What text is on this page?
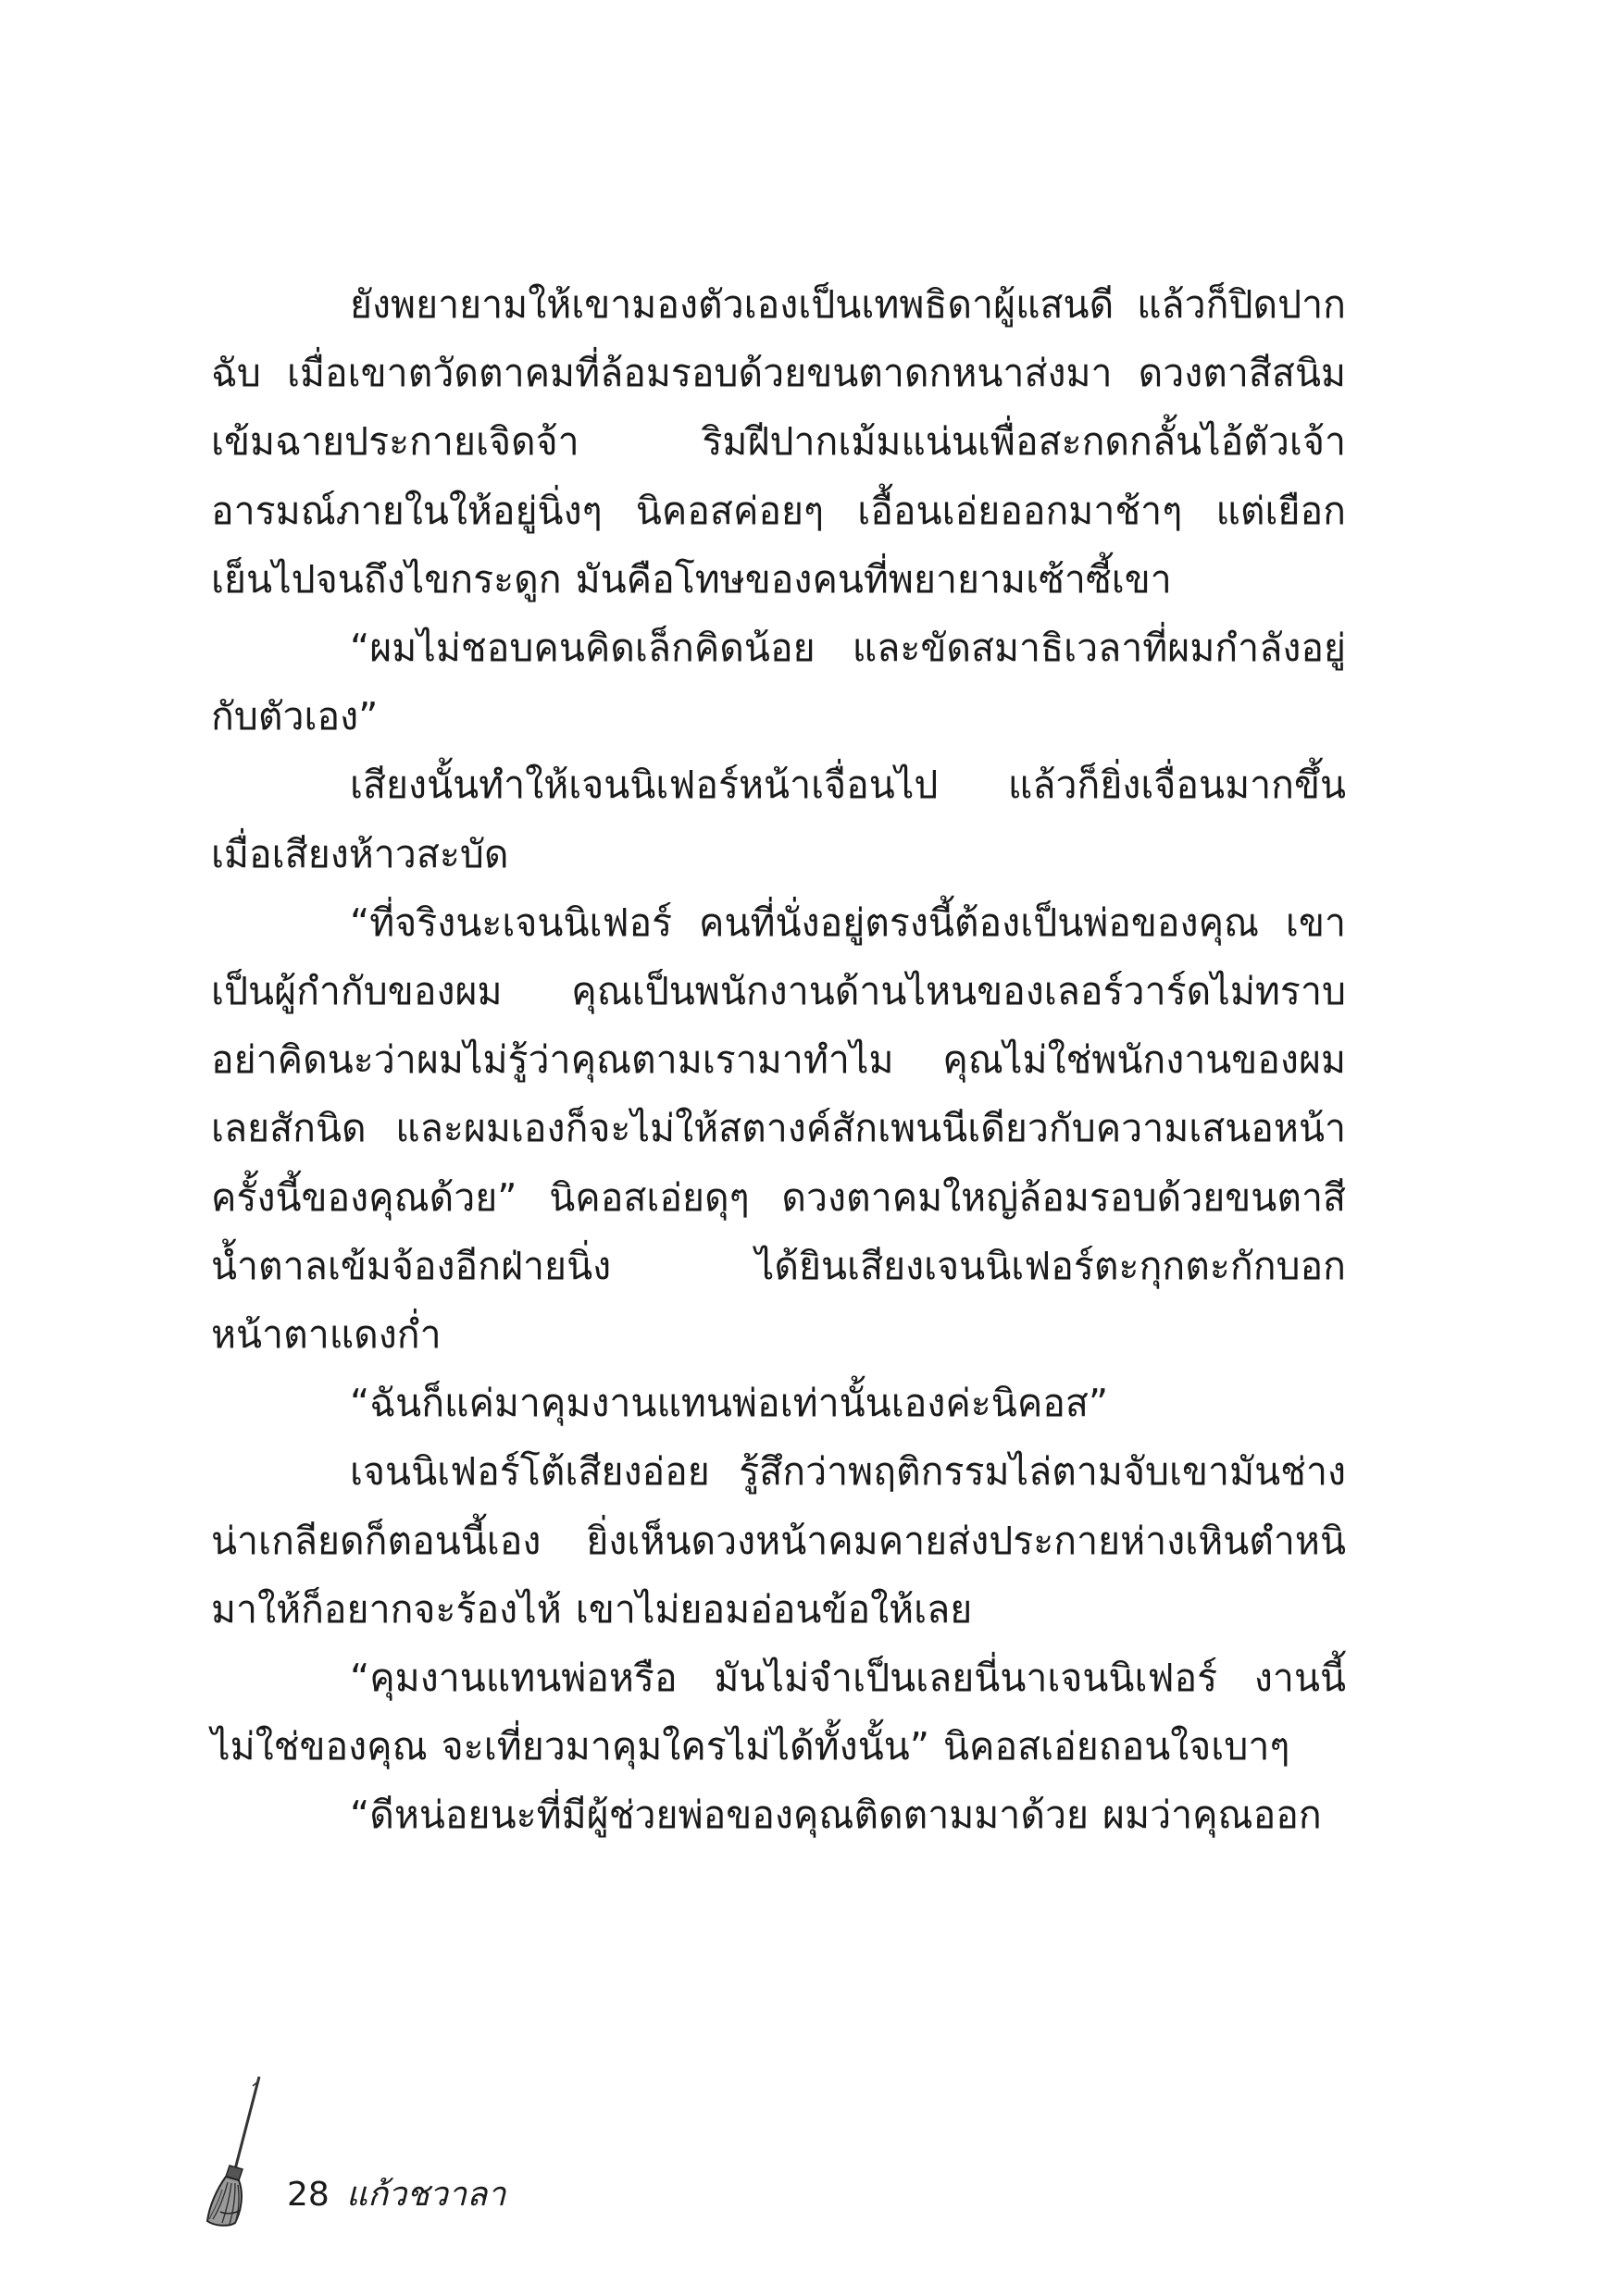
ยังพยายามให้เขามองตัวเองเป็นเทพธิดาผู้แสนดี แล้วก็ปิดปากฉับ เมื่อเขาตวัดตาคมที่ล้อมรอบด้วยขนตาดกหนาส่งมา ดวงตาสีสนิมเข้มฉายประกายเจิดจ้า ริมฝีปากเม้มแน่นเพื่อสะกดกลั้นไอ้ตัวเจ้าอารมณ์ภายในให้อยู่นิ่งๆ นิคอสค่อยๆ เอื้อนเอ่ยออกมาช้าๆ แต่เยือกเย็นไปจนถึงไขกระดูก มันคือโทษของคนที่พยายามเซ้าซี้เขา

“ผมไม่ชอบคนคิดเล็กคิดน้อย และขัดสมาธิเวลาที่ผมกำลังอยู่กับตัวเอง”

เสียงนั้นทำให้เจนนิเฟอร์หน้าเจื่อนไป แล้วก็ยิ่งเจื่อนมากขึ้นเมื่อเสียงห้าวสะบัด

“ที่จริงนะเจนนิเฟอร์ คนที่นั่งอยู่ตรงนี้ต้องเป็นพ่อของคุณ เขาเป็นผู้กำกับของผม คุณเป็นพนักงานด้านไหนของเลอร์วาร์ดไม่ทราบ อย่าคิดนะว่าผมไม่รู้ว่าคุณตามเรามาทำไม คุณไม่ใช่พนักงานของผมเลยสักนิด และผมเองก็จะไม่ให้สตางค์สักเพนนีเดียวกับความเสนอหน้าครั้งนี้ของคุณด้วย” นิคอสเอ่ยดุๆ ดวงตาคมใหญ่ล้อมรอบด้วยขนตาสีน้ำตาลเข้มจ้องอีกฝ่ายนิ่ง ได้ยินเสียงเจนนิเฟอร์ตะกุกตะกักบอก หน้าตาแดงก่ำ

“ฉันก็แค่มาคุมงานแทนพ่อเท่านั้นเองค่ะนิคอส”

เจนนิเฟอร์โต้เสียงอ่อย รู้สึกว่าพฤติกรรมไล่ตามจับเขามันช่างน่าเกลียดก็ตอนนี้เอง ยิ่งเห็นดวงหน้าคมคายส่งประกายห่างเหินตำหนิมาให้ก็อยากจะร้องไห้ เขาไม่ยอมอ่อนข้อให้เลย

“คุมงานแทนพ่อหรือ มันไม่จำเป็นเลยนี่นาเจนนิเฟอร์ งานนี้ไม่ใช่ของคุณ จะเที่ยวมาคุมใครไม่ได้ทั้งนั้น” นิคอสเอ่ยถอนใจเบาๆ

“ดีหน่อยนะที่มีผู้ช่วยพ่อของคุณติดตามมาด้วย ผมว่าคุณออก

28 แก้วชวาลา
